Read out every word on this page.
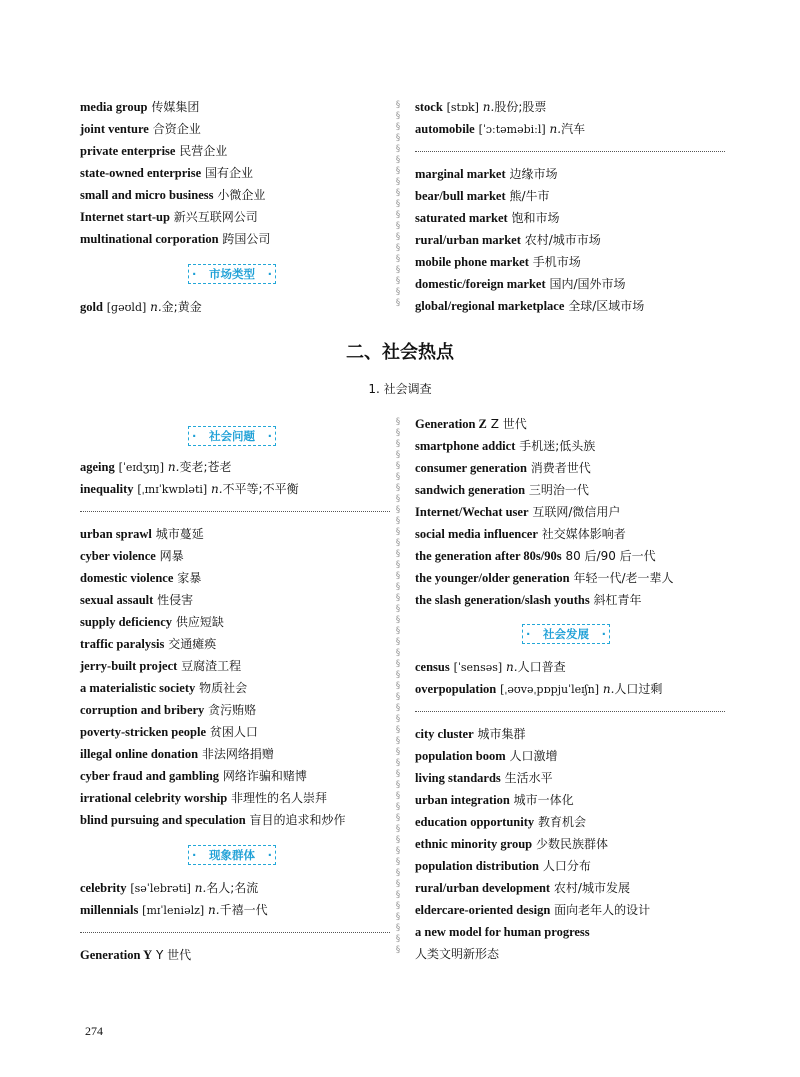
media group 传媒集团
joint venture 合资企业
private enterprise 民营企业
state-owned enterprise 国有企业
small and micro business 小微企业
Internet start-up 新兴互联网公司
multinational corporation 跨国公司
· 市场类型 ·
gold [ɡəʊld] n.金;黄金
stock [stɒk] n.股份;股票
automobile [ˈɔːtəməbiːl] n.汽车
marginal market 边缘市场
bear/bull market 熊/牛市
saturated market 饱和市场
rural/urban market 农村/城市市场
mobile phone market 手机市场
domestic/foreign market 国内/国外市场
global/regional marketplace 全球/区域市场
二、社会热点
1. 社会调查
· 社会问题 ·
ageing [ˈeɪdʒɪŋ] n.变老;苍老
inequality [ˌɪnɪˈkwɒləti] n.不平等;不平衡
urban sprawl 城市蔓延
cyber violence 网暴
domestic violence 家暴
sexual assault 性侵害
supply deficiency 供应短缺
traffic paralysis 交通瘫痪
jerry-built project 豆腐渣工程
a materialistic society 物质社会
corruption and bribery 贪污贿赂
poverty-stricken people 贫困人口
illegal online donation 非法网络捐赠
cyber fraud and gambling 网络诈骗和赌博
irrational celebrity worship 非理性的名人崇拜
blind pursuing and speculation 盲目的追求和炒作
· 现象群体 ·
celebrity [səˈlebrəti] n.名人;名流
millennials [mɪˈleniəlz] n.千禧一代
Generation Y Y 世代
Generation Z Z 世代
smartphone addict 手机迷;低头族
consumer generation 消费者世代
sandwich generation 三明治一代
Internet/Wechat user 互联网/微信用户
social media influencer 社交媒体影响者
the generation after 80s/90s 80 后/90 后一代
the younger/older generation 年轻一代/老一辈人
the slash generation/slash youths 斜杠青年
· 社会发展 ·
census [ˈsensəs] n.人口普查
overpopulation [ˌəʊvəˌpɒpjuˈleɪʃn] n.人口过剩
city cluster 城市集群
population boom 人口激增
living standards 生活水平
urban integration 城市一体化
education opportunity 教育机会
ethnic minority group 少数民族群体
population distribution 人口分布
rural/urban development 农村/城市发展
eldercare-oriented design 面向老年人的设计
a new model for human progress
人类文明新形态
§
§
§
§
§
§
§
§
§
§
§
§
§
§
§
§
§
§
§
§
§
§
§
§
§
§
§
§
§
§
§
§
§
§
§
§
§
§
§
§
§
§
§
§
§
§
§
§
§
§
§
§
§
§
§
§
§
§
§
§
§
§
§
§
§
§
§
§
274
